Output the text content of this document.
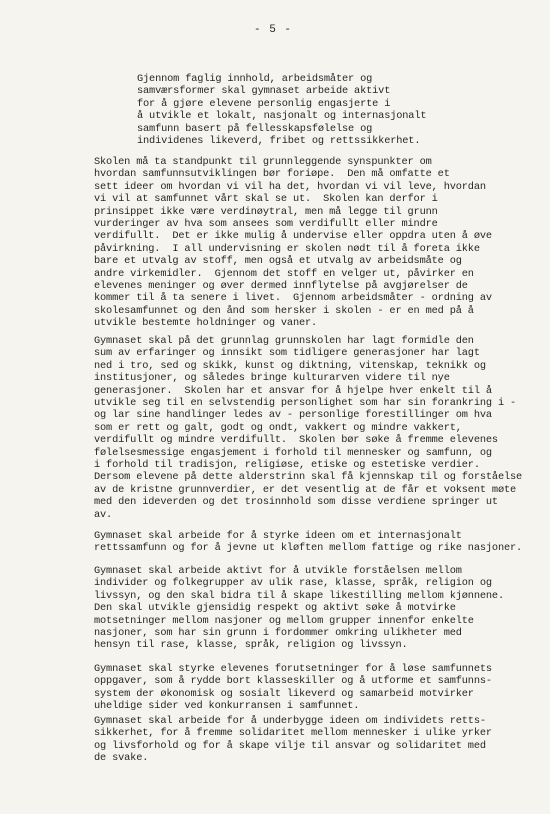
- 5 -
Gjennom faglig innhold, arbeidsmåter og
samværsformer skal gymnaset arbeide aktivt
for å gjøre elevene personlig engasjerte i
å utvikle et lokalt, nasjonalt og internasjonalt
samfunn basert på fellesskapsfølelse og
individenes likeverd, fribet og rettssikkerhet.
Skolen må ta standpunkt til grunnleggende synspunkter om
hvordan samfunnsutviklingen bør foriøpe.  Den må omfatte et
sett ideer om hvordan vi vil ha det, hvordan vi vil leve, hvordan
vi vil at samfunnet vårt skal se ut.  Skolen kan derfor i
prinsippet ikke være verdinøytral, men må legge til grunn
vurderinger av hva som ansees som verdifullt eller mindre
verdifullt.  Det er ikke mulig å undervise eller oppdra uten å øve
påvirkning.  I all undervisning er skolen nødt til å foreta ikke
bare et utvalg av stoff, men også et utvalg av arbeidsmåte og
andre virkemidler.  Gjennom det stoff en velger ut, påvirker en
elevenes meninger og øver dermed innflytelse på avgjørelser de
kommer til å ta senere i livet.  Gjennom arbeidsmåter - ordning av
skolesamfunnet og den ånd som hersker i skolen - er en med på å
utvikle bestemte holdninger og vaner.
Gymnaset skal på det grunnlag grunnskolen har lagt formidle den
sum av erfaringer og innsikt som tidligere generasjoner har lagt
ned i tro, sed og skikk, kunst og diktning, vitenskap, teknikk og
institusjoner, og således bringe kulturarven videre til nye
generasjoner.  Skolen har et ansvar for å hjelpe hver enkelt til å
utvikle seg til en selvstendig personlighet som har sin forankring i -
og lar sine handlinger ledes av - personlige forestillinger om hva
som er rett og galt, godt og ondt, vakkert og mindre vakkert,
verdifullt og mindre verdifullt.  Skolen bør søke å fremme elevenes
følelsesmessige engasjement i forhold til mennesker og samfunn, og
i forhold til tradisjon, religiøse, etiske og estetiske verdier.
Dersom elevene på dette alderstrinn skal få kjennskap til og forståelse
av de kristne grunnverdier, er det vesentlig at de får et voksent møte
med den ideverden og det trosinnhold som disse verdiene springer ut
av.
Gymnaset skal arbeide for å styrke ideen om et internasjonalt
rettssamfunn og for å jevne ut kløften mellom fattige og rike nasjoner.
Gymnaset skal arbeide aktivt for å utvikle forståelsen mellom
individer og folkegrupper av ulik rase, klasse, språk, religion og
livssyn, og den skal bidra til å skape likestilling mellom kjønnene.
Den skal utvikle gjensidig respekt og aktivt søke å motvirke
motsetninger mellom nasjoner og mellom grupper innenfor enkelte
nasjoner, som har sin grunn i fordommer omkring ulikheter med
hensyn til rase, klasse, språk, religion og livssyn.
Gymnaset skal styrke elevenes forutsetninger for å løse samfunnets
oppgaver, som å rydde bort klasseskiller og å utforme et samfunns-
system der økonomisk og sosialt likeverd og samarbeid motvirker
uheldige sider ved konkurransen i samfunnet.
Gymnaset skal arbeide for å underbygge ideen om individets retts-
sikkerhet, for å fremme solidaritet mellom mennesker i ulike yrker
og livsforhold og for å skape vilje til ansvar og solidaritet med
de svake.
